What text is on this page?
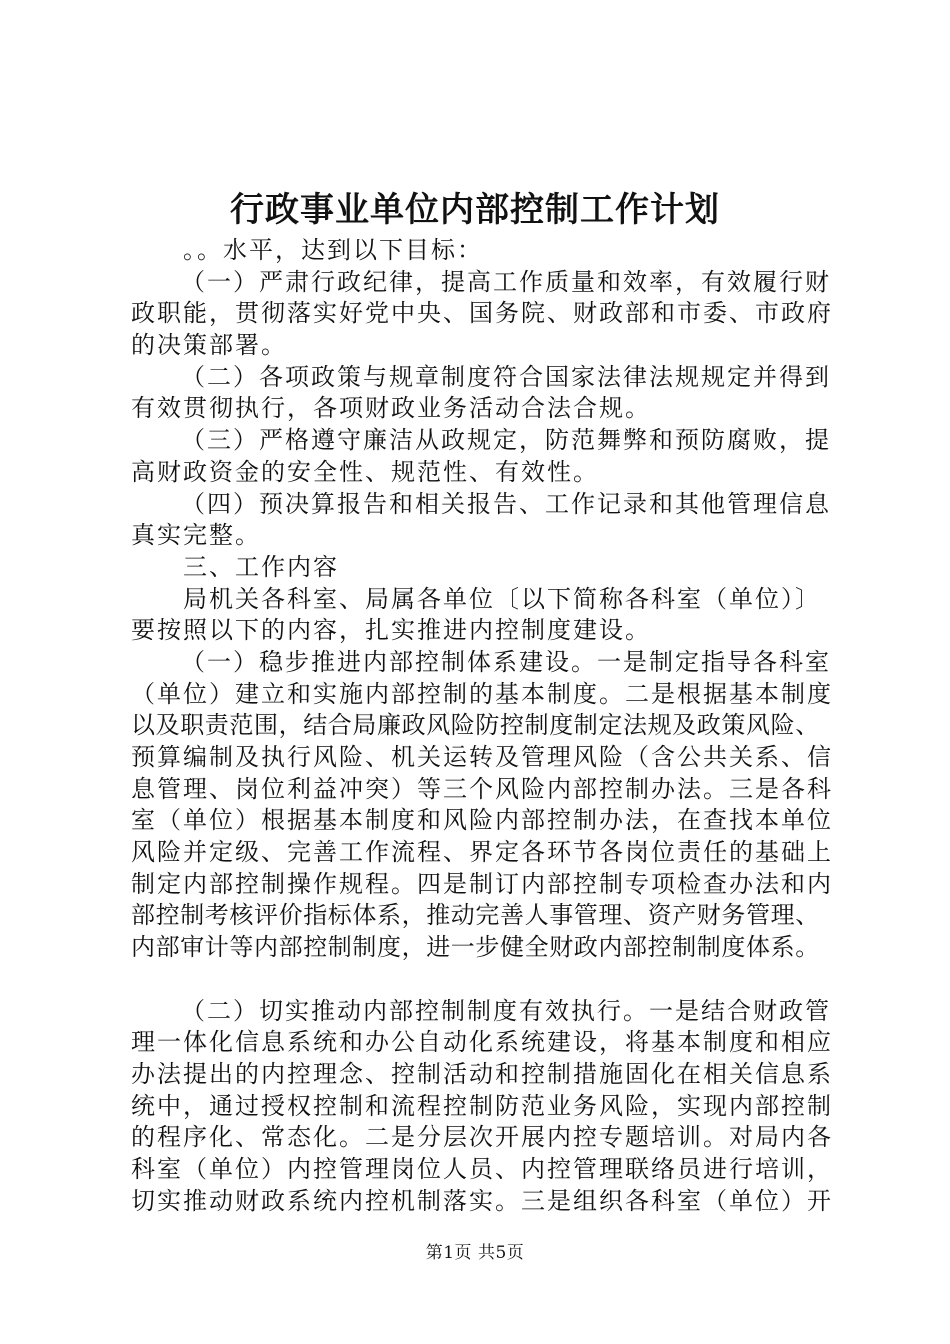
行政事业单位内部控制工作计划
。。水平，达到以下目标：
（一）严肃行政纪律，提高工作质量和效率，有效履行财
政职能，贯彻落实好党中央、国务院、财政部和市委、市政府
的决策部署。
（二）各项政策与规章制度符合国家法律法规规定并得到
有效贯彻执行，各项财政业务活动合法合规。
（三）严格遵守廉洁从政规定，防范舞弊和预防腐败，提
高财政资金的安全性、规范性、有效性。
（四）预决算报告和相关报告、工作记录和其他管理信息
真实完整。
三、工作内容
局机关各科室、局属各单位〔以下简称各科室（单位）〕
要按照以下的内容，扎实推进内控制度建设。
（一）稳步推进内部控制体系建设。一是制定指导各科室
（单位）建立和实施内部控制的基本制度。二是根据基本制度
以及职责范围，结合局廉政风险防控制度制定法规及政策风险、
预算编制及执行风险、机关运转及管理风险（含公共关系、信
息管理、岗位利益冲突）等三个风险内部控制办法。三是各科
室（单位）根据基本制度和风险内部控制办法，在查找本单位
风险并定级、完善工作流程、界定各环节各岗位责任的基础上
制定内部控制操作规程。四是制订内部控制专项检查办法和内
部控制考核评价指标体系，推动完善人事管理、资产财务管理、
内部审计等内部控制制度，进一步健全财政内部控制制度体系。
（二）切实推动内部控制制度有效执行。一是结合财政管
理一体化信息系统和办公自动化系统建设，将基本制度和相应
办法提出的内控理念、控制活动和控制措施固化在相关信息系
统中，通过授权控制和流程控制防范业务风险，实现内部控制
的程序化、常态化。二是分层次开展内控专题培训。对局内各
科室（单位）内控管理岗位人员、内控管理联络员进行培训，
切实推动财政系统内控机制落实。三是组织各科室（单位）开
第1页 共5页
